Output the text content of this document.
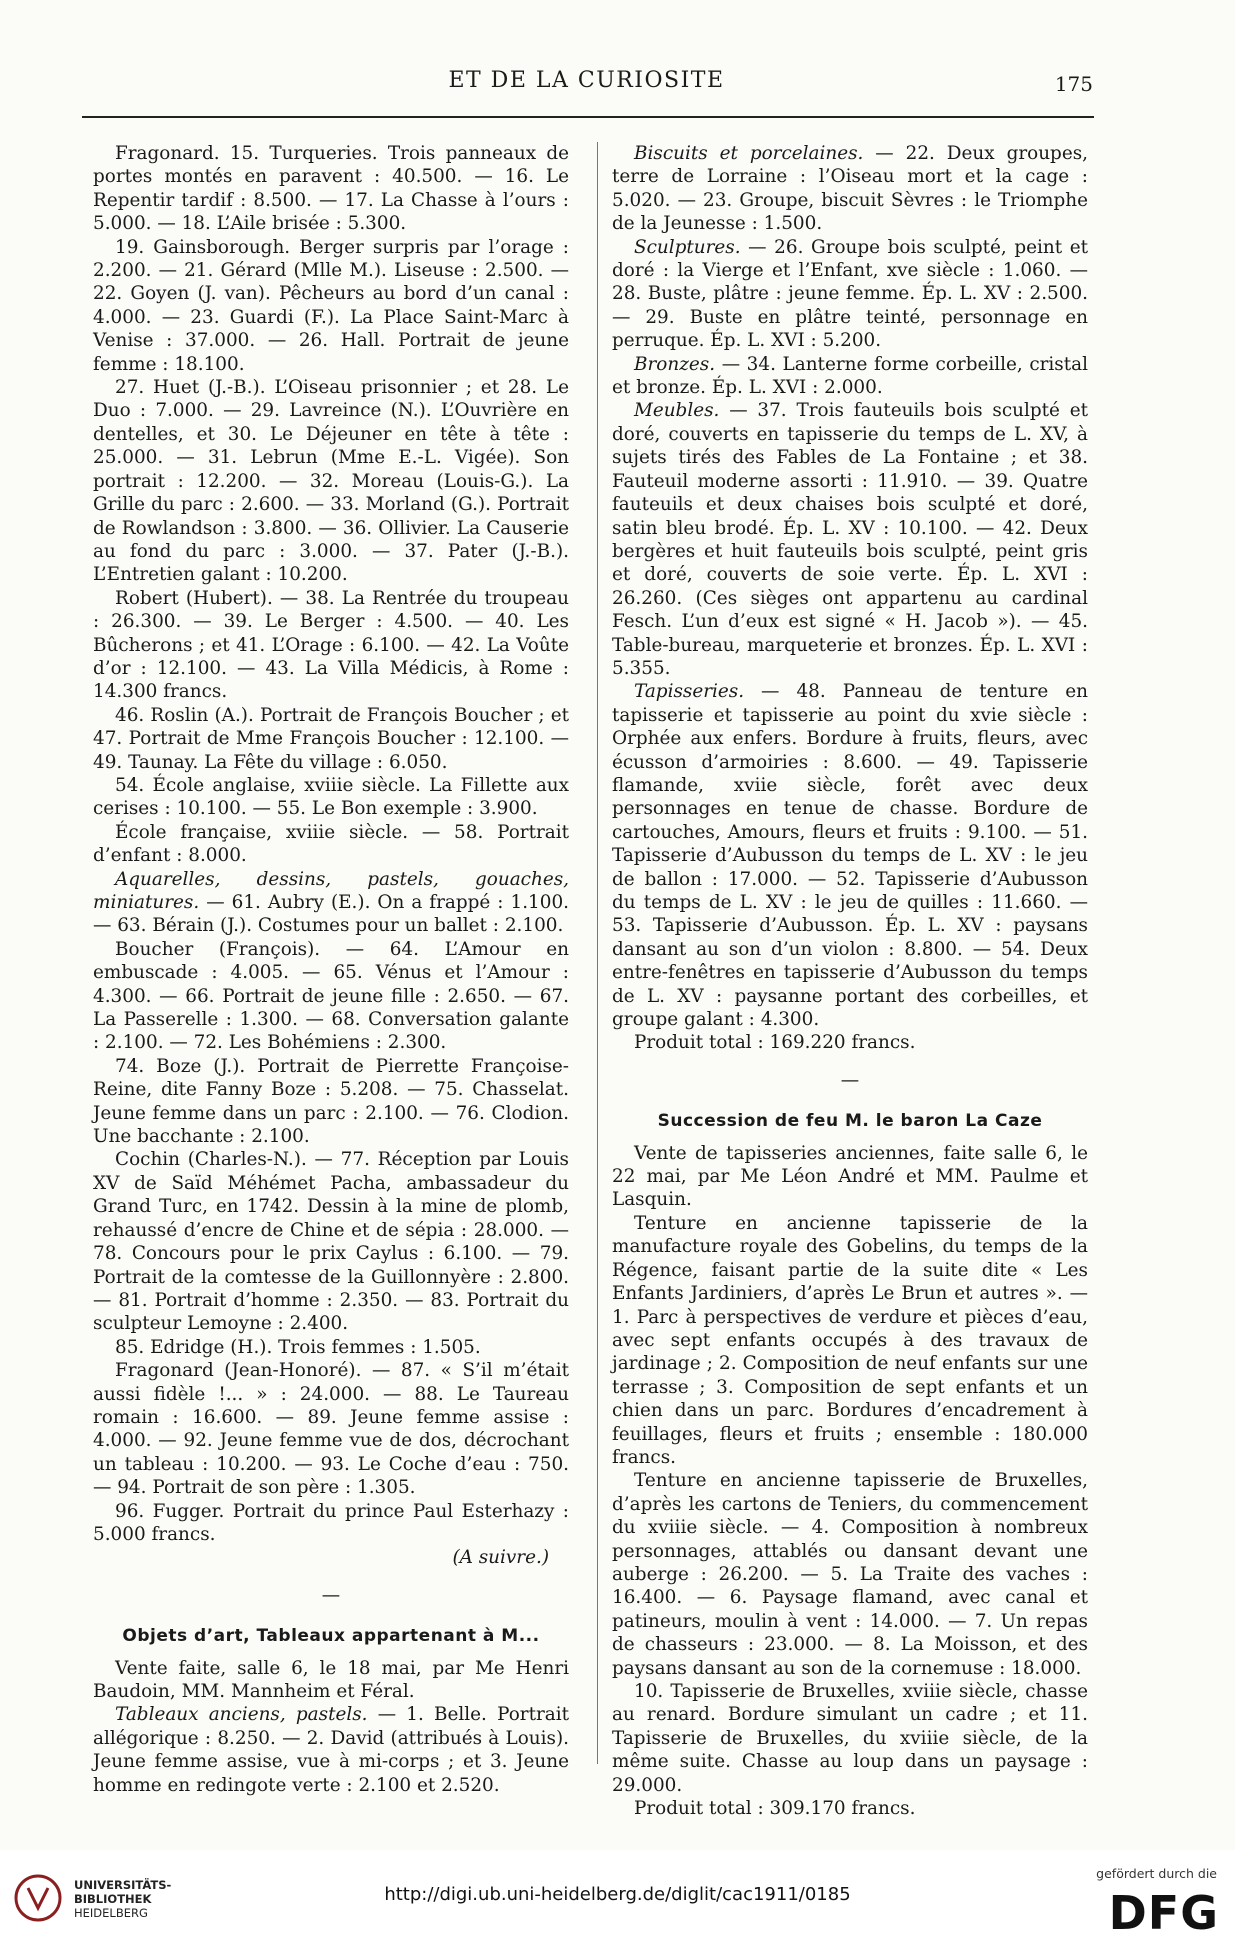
ET DE LA CURIOSITE	175

Fragonard. 15. Turqueries. Trois panneaux de portes montés en paravent : 40.500. — 16. Le Repentir tardif : 8.500. — 17. La Chasse à l’ours : 5.000. — 18. L’Aile brisée : 5.300.

19. Gainsborough. Berger surpris par l’orage : 2.200. — 21. Gérard (Mlle M.). Liseuse : 2.500. — 22. Goyen (J. van). Pêcheurs au bord d’un canal : 4.000. — 23. Guardi (F.). La Place Saint-Marc à Venise : 37.000. — 26. Hall. Portrait de jeune femme : 18.100.

27. Huet (J.-B.). L’Oiseau prisonnier ; et 28. Le Duo : 7.000. — 29. Lavreince (N.). L’Ouvrière en dentelles, et 30. Le Déjeuner en tête à tête : 25.000. — 31. Lebrun (Mme E.-L. Vigée). Son portrait : 12.200. — 32. Moreau (Louis-G.). La Grille du parc : 2.600. — 33. Morland (G.). Portrait de Rowlandson : 3.800. — 36. Ollivier. La Causerie au fond du parc : 3.000. — 37. Pater (J.-B.). L’Entretien galant : 10.200.

Robert (Hubert). — 38. La Rentrée du troupeau : 26.300. — 39. Le Berger : 4.500. — 40. Les Bûcherons ; et 41. L’Orage : 6.100. — 42. La Voûte d’or : 12.100. — 43. La Villa Médicis, à Rome : 14.300 francs.

46. Roslin (A.). Portrait de François Boucher ; et 47. Portrait de Mme François Boucher : 12.100. — 49. Taunay. La Fête du village : 6.050.

54. École anglaise, xviiie siècle. La Fillette aux cerises : 10.100. — 55. Le Bon exemple : 3.900.

École française, xviiie siècle. — 58. Portrait d’enfant : 8.000.

Aquarelles, dessins, pastels, gouaches, miniatures. — 61. Aubry (E.). On a frappé : 1.100. — 63. Bérain (J.). Costumes pour un ballet : 2.100.

Boucher (François). — 64. L’Amour en embuscade : 4.005. — 65. Vénus et l’Amour : 4.300. — 66. Portrait de jeune fille : 2.650. — 67. La Passerelle : 1.300. — 68. Conversation galante : 2.100. — 72. Les Bohémiens : 2.300.

74. Boze (J.). Portrait de Pierrette Françoise-Reine, dite Fanny Boze : 5.208. — 75. Chasselat. Jeune femme dans un parc : 2.100. — 76. Clodion. Une bacchante : 2.100.

Cochin (Charles-N.). — 77. Réception par Louis XV de Saïd Méhémet Pacha, ambassadeur du Grand Turc, en 1742. Dessin à la mine de plomb, rehaussé d’encre de Chine et de sépia : 28.000. — 78. Concours pour le prix Caylus : 6.100. — 79. Portrait de la comtesse de la Guillonnyère : 2.800. — 81. Portrait d’homme : 2.350. — 83. Portrait du sculpteur Lemoyne : 2.400.

85. Edridge (H.). Trois femmes : 1.505.

Fragonard (Jean-Honoré). — 87. « S’il m’était aussi fidèle !... » : 24.000. — 88. Le Taureau romain : 16.600. — 89. Jeune femme assise : 4.000. — 92. Jeune femme vue de dos, décrochant un tableau : 10.200. — 93. Le Coche d’eau : 750. — 94. Portrait de son père : 1.305.

96. Fugger. Portrait du prince Paul Esterhazy : 5.000 francs.

(A suivre.)

—

Objets d’art, Tableaux appartenant à M...

Vente faite, salle 6, le 18 mai, par Me Henri Baudoin, MM. Mannheim et Féral.

Tableaux anciens, pastels. — 1. Belle. Portrait allégorique : 8.250. — 2. David (attribués à Louis). Jeune femme assise, vue à mi-corps ; et 3. Jeune homme en redingote verte : 2.100 et 2.520.

Biscuits et porcelaines. — 22. Deux groupes, terre de Lorraine : l’Oiseau mort et la cage : 5.020. — 23. Groupe, biscuit Sèvres : le Triomphe de la Jeunesse : 1.500.

Sculptures. — 26. Groupe bois sculpté, peint et doré : la Vierge et l’Enfant, xve siècle : 1.060. — 28. Buste, plâtre : jeune femme. Ép. L. XV : 2.500. — 29. Buste en plâtre teinté, personnage en perruque. Ép. L. XVI : 5.200.

Bronzes. — 34. Lanterne forme corbeille, cristal et bronze. Ép. L. XVI : 2.000.

Meubles. — 37. Trois fauteuils bois sculpté et doré, couverts en tapisserie du temps de L. XV, à sujets tirés des Fables de La Fontaine ; et 38. Fauteuil moderne assorti : 11.910. — 39. Quatre fauteuils et deux chaises bois sculpté et doré, satin bleu brodé. Ép. L. XV : 10.100. — 42. Deux bergères et huit fauteuils bois sculpté, peint gris et doré, couverts de soie verte. Ép. L. XVI : 26.260. (Ces sièges ont appartenu au cardinal Fesch. L’un d’eux est signé « H. Jacob »). — 45. Table-bureau, marqueterie et bronzes. Ép. L. XVI : 5.355.

Tapisseries. — 48. Panneau de tenture en tapisserie et tapisserie au point du xvie siècle : Orphée aux enfers. Bordure à fruits, fleurs, avec écusson d’armoiries : 8.600. — 49. Tapisserie flamande, xviie siècle, forêt avec deux personnages en tenue de chasse. Bordure de cartouches, Amours, fleurs et fruits : 9.100. — 51. Tapisserie d’Aubusson du temps de L. XV : le jeu de ballon : 17.000. — 52. Tapisserie d’Aubusson du temps de L. XV : le jeu de quilles : 11.660. — 53. Tapisserie d’Aubusson. Ép. L. XV : paysans dansant au son d’un violon : 8.800. — 54. Deux entre-fenêtres en tapisserie d’Aubusson du temps de L. XV : paysanne portant des corbeilles, et groupe galant : 4.300.

Produit total : 169.220 francs.

—

Succession de feu M. le baron La Caze

Vente de tapisseries anciennes, faite salle 6, le 22 mai, par Me Léon André et MM. Paulme et Lasquin.

Tenture en ancienne tapisserie de la manufacture royale des Gobelins, du temps de la Régence, faisant partie de la suite dite « Les Enfants Jardiniers, d’après Le Brun et autres ». — 1. Parc à perspectives de verdure et pièces d’eau, avec sept enfants occupés à des travaux de jardinage ; 2. Composition de neuf enfants sur une terrasse ; 3. Composition de sept enfants et un chien dans un parc. Bordures d’encadrement à feuillages, fleurs et fruits ; ensemble : 180.000 francs.

Tenture en ancienne tapisserie de Bruxelles, d’après les cartons de Teniers, du commencement du xviiie siècle. — 4. Composition à nombreux personnages, attablés ou dansant devant une auberge : 26.200. — 5. La Traite des vaches : 16.400. — 6. Paysage flamand, avec canal et patineurs, moulin à vent : 14.000. — 7. Un repas de chasseurs : 23.000. — 8. La Moisson, et des paysans dansant au son de la cornemuse : 18.000.

10. Tapisserie de Bruxelles, xviiie siècle, chasse au renard. Bordure simulant un cadre ; et 11. Tapisserie de Bruxelles, du xviiie siècle, de la même suite. Chasse au loup dans un paysage : 29.000.

Produit total : 309.170 francs.

UNIVERSITÄTS-
BIBLIOTHEK
HEIDELBERG
http://digi.ub.uni-heidelberg.de/diglit/cac1911/0185
gefördert durch die
DFG
